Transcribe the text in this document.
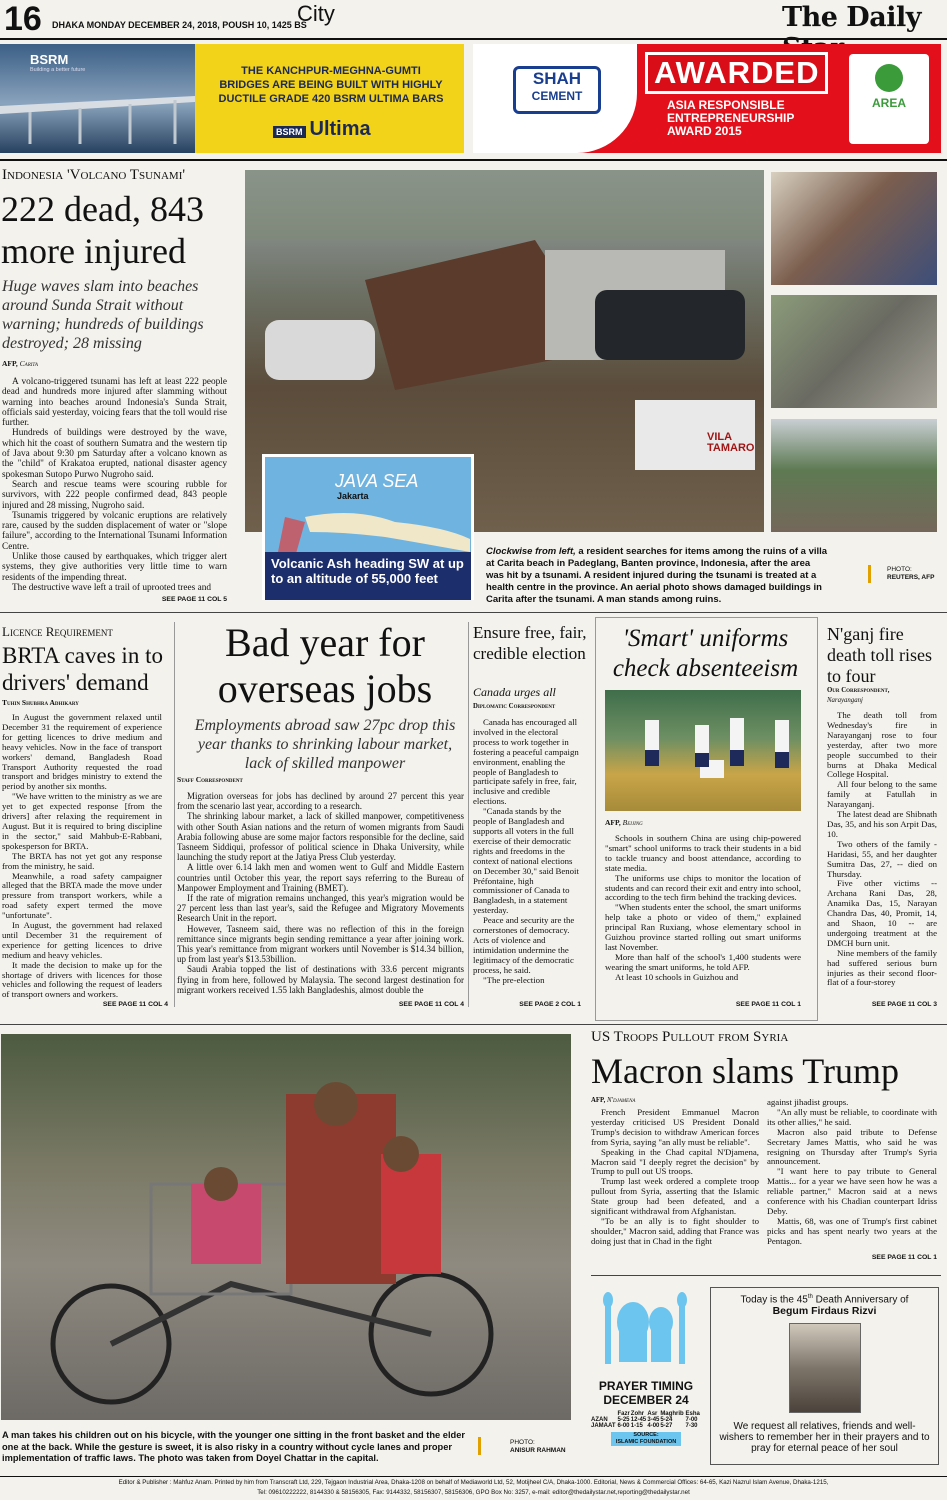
16 DHAKA MONDAY DECEMBER 24, 2018, POUSH 10, 1425 BS
City	The Daily
BSRM
Building a better future	THE KANCHPUR-MEGHNA-GUMTI BRIDGES ARE BEING BUILT WITH HIGHLY DUCTILE GRADE 420 BSRM ULTIMA BARS
BSRM Ultima
SHAH
CEMENT
AWARDED
ASIA RESPONSIBLE ENTREPRENEURSHIP AWARD 2015
AREA
Indonesia 'Volcano Tsunami'
222 dead, 843 more injured
Huge waves slam into beaches around Sunda Strait without warning; hundreds of buildings destroyed; 28 missing
AFP, Carita

A volcano-triggered tsunami has left at least 222 people dead and hundreds more injured after slamming without warning into beaches around Indonesia's Sunda Strait, officials said yesterday, voicing fears that the toll would rise further.

Hundreds of buildings were destroyed by the wave, which hit the coast of southern Sumatra and the western tip of Java about 9:30 pm Saturday after a volcano known as the "child" of Krakatoa erupted, national disaster agency spokesman Sutopo Purwo Nugroho said.

Search and rescue teams were scouring rubble for survivors, with 222 people confirmed dead, 843 people injured and 28 missing, Nugroho said.

Tsunamis triggered by volcanic eruptions are relatively rare, caused by the sudden displacement of water or "slope failure", according to the International Tsunami Information Centre.

Unlike those caused by earthquakes, which trigger alert systems, they give authorities very little time to warn residents of the impending threat.

The destructive wave left a trail of uprooted trees and

SEE PAGE 11 COL 5
VILA
TAMARO
JAVA SEA
Jakarta
Volcanic Ash heading SW at up to an altitude of 55,000 feet
Clockwise from left, a resident searches for items among the ruins of a villa at Carita beach in Padeglang, Banten province, Indonesia, after the area was hit by a tsunami. A resident injured during the tsunami is treated at a health centre in the province. An aerial photo shows damaged buildings in Carita after the tsunami. A man stands among ruins.
PHOTO:
REUTERS, AFP
Licence Requirement
BRTA caves in to drivers' demand
Tuhin Shubhra Adhikary

In August the government relaxed until December 31 the requirement of experience for getting licences to drive medium and heavy vehicles. Now in the face of transport workers' demand, Bangladesh Road Transport Authority requested the road transport and bridges ministry to extend the period by another six months.

"We have written to the ministry as we are yet to get expected response [from the drivers] after relaxing the requirement in August. But it is required to bring discipline in the sector," said Mahbub-E-Rabbani, spokesperson for BRTA.

The BRTA has not yet got any response from the ministry, he said.

Meanwhile, a road safety campaigner alleged that the BRTA made the move under pressure from transport workers, while a road safety expert termed the move "unfortunate".

In August, the government had relaxed until December 31 the requirement of experience for getting licences to drive medium and heavy vehicles.

It made the decision to make up for the shortage of drivers with licences for those vehicles and following the request of leaders of transport owners and workers.

SEE PAGE 11 COL 4
Bad year for overseas jobs
Employments abroad saw 27pc drop this year thanks to shrinking labour market, lack of skilled manpower
Staff Correspondent

Migration overseas for jobs has declined by around 27 percent this year from the scenario last year, according to a research.

The shrinking labour market, a lack of skilled manpower, competitiveness with other South Asian nations and the return of women migrants from Saudi Arabia following abuse are some major factors responsible for the decline, said Tasneem Siddiqui, professor of political science in Dhaka University, while launching the study report at the Jatiya Press Club yesterday.

A little over 6.14 lakh men and women went to Gulf and Middle Eastern countries until October this year, the report says referring to the Bureau of Manpower Employment and Training (BMET).

If the rate of migration remains unchanged, this year's migration would be 27 percent less than last year's, said the Refugee and Migratory Movements Research Unit in the report.

However, Tasneem said, there was no reflection of this in the foreign remittance since migrants begin sending remittance a year after joining work. This year's remittance from migrant workers until November is $14.34 billion, up from last year's $13.53billion.

Saudi Arabia topped the list of destinations with 33.6 percent migrants flying in from here, followed by Malaysia. The second largest destination for migrant workers received 1.55 lakh Bangladeshis, almost double the

SEE PAGE 11 COL 4
Ensure free, fair, credible election
Canada urges all
Diplomatic Correspondent

Canada has encouraged all involved in the electoral process to work together in fostering a peaceful campaign environment, enabling the people of Bangladesh to participate safely in free, fair, inclusive and credible elections.

"Canada stands by the people of Bangladesh and supports all voters in the full exercise of their democratic rights and freedoms in the context of national elections on December 30," said Benoit Préfontaine, high commissioner of Canada to Bangladesh, in a statement yesterday.

Peace and security are the cornerstones of democracy. Acts of violence and intimidation undermine the legitimacy of the democratic process, he said.

"The pre-election

SEE PAGE 2 COL 1
'Smart' uniforms check absenteeism
AFP, Beijing

Schools in southern China are using chip-powered "smart" school uniforms to track their students in a bid to tackle truancy and boost attendance, according to state media.

The uniforms use chips to monitor the location of students and can record their exit and entry into school, according to the tech firm behind the tracking devices.

"When students enter the school, the smart uniforms help take a photo or video of them," explained principal Ran Ruxiang, whose elementary school in Guizhou province started rolling out smart uniforms last November.

More than half of the school's 1,400 students were wearing the smart uniforms, he told AFP.

At least 10 schools in Guizhou and

SEE PAGE 11 COL 1
N'ganj fire death toll rises to four
Our Correspondent,
Narayanganj

The death toll from Wednesday's fire in Narayanganj rose to four yesterday, after two more people succumbed to their burns at Dhaka Medical College Hospital.

All four belong to the same family at Fatullah in Narayanganj.

The latest dead are Shibnath Das, 35, and his son Arpit Das, 10.

Two others of the family - Haridasi, 55, and her daughter Sumitra Das, 27, -- died on Thursday.

Five other victims -- Archana Rani Das, 28, Anamika Das, 15, Narayan Chandra Das, 40, Promit, 14, and Shaon, 10 -- are undergoing treatment at the DMCH burn unit.

Nine members of the family had suffered serious burn injuries as their second floor-flat of a four-storey

SEE PAGE 11 COL 3
A man takes his children out on his bicycle, with the younger one sitting in the front basket and the elder one at the back. While the gesture is sweet, it is also risky in a country without cycle lanes and proper implementation of traffic laws. The photo was taken from Doyel Chattar in the capital.
PHOTO:
ANISUR RAHMAN
US Troops Pullout from Syria
Macron slams Trump
AFP, N'djamena

French President Emmanuel Macron yesterday criticised US President Donald Trump's decision to withdraw American forces from Syria, saying "an ally must be reliable".

Speaking in the Chad capital N'Djamena, Macron said "I deeply regret the decision" by Trump to pull out US troops.

Trump last week ordered a complete troop pullout from Syria, asserting that the Islamic State group had been defeated, and a significant withdrawal from Afghanistan.

"To be an ally is to fight shoulder to shoulder," Macron said, adding that France was doing just that in Chad in the fight

against jihadist groups.

"An ally must be reliable, to coordinate with its other allies," he said.

Macron also paid tribute to Defense Secretary James Mattis, who said he was resigning on Thursday after Trump's Syria announcement.

"I want here to pay tribute to General Mattis... for a year we have seen how he was a reliable partner," Macron said at a news conference with his Chadian counterpart Idriss Deby.

Mattis, 68, was one of Trump's first cabinet picks and has spent nearly two years at the Pentagon.

SEE PAGE 11 COL 1
PRAYER TIMING
DECEMBER 24
	Fazr	Zohr	Asr	Maghrib	Esha
AZAN	5-25	12-45	3-45	5-24	7-00
JAMAAT	6-00	1-15	4-00	5-27	7-30
SOURCE:
ISLAMIC FOUNDATION
Today is the 45th Death Anniversary of
Begum Firdaus Rizvi
We request all relatives, friends and well-wishers to remember her in their prayers and to pray for eternal peace of her soul
Editor & Publisher : Mahfuz Anam. Printed by him from Transcraft Ltd, 229, Tejgaon Industrial Area, Dhaka-1208 on behalf of Mediaworld Ltd, 52, Motijheel C/A, Dhaka-1000. Editorial, News & Commercial Offices: 64-65, Kazi Nazrul Islam Avenue, Dhaka-1215,
Tel: 09610222222, 8144330 & 58156305, Fax: 9144332, 58156307, 58156306, GPO Box No: 3257, e-mail: editor@thedailystar.net,reporting@thedailystar.net
